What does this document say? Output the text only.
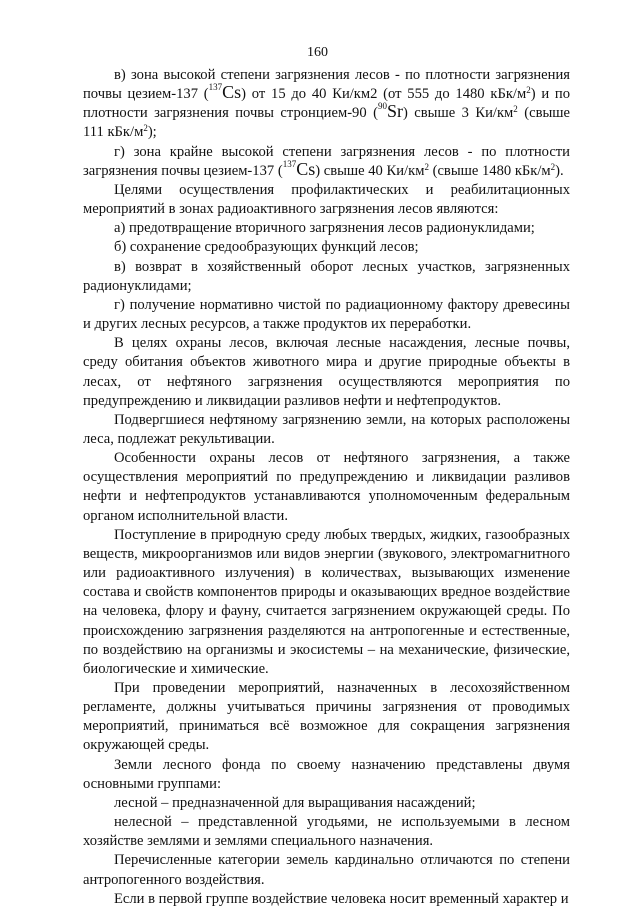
160

в) зона высокой степени загрязнения лесов - по плотности загрязнения почвы цезием-137 ($^{137}$Cs) от 15 до 40 Ки/км2 (от 555 до 1480 кБк/$м^2$) и по плотности загрязнения почвы стронцием-90 ($^{90}$Sr) свыше 3 $Ки/км^2$ (свыше 111 кБк/$м^2$);

г) зона крайне высокой степени загрязнения лесов - по плотности загрязнения почвы цезием-137 ($^{137}$Cs) свыше 40 $Ки/км^2$ (свыше 1480 кБк/$м^2$).

Целями осуществления профилактических и реабилитационных мероприятий в зонах радиоактивного загрязнения лесов являются:

а) предотвращение вторичного загрязнения лесов радионуклидами;

б) сохранение средообразующих функций лесов;

в) возврат в хозяйственный оборот лесных участков, загрязненных радионуклидами;

г) получение нормативно чистой по радиационному фактору древесины и других лесных ресурсов, а также продуктов их переработки.

В целях охраны лесов, включая лесные насаждения, лесные почвы, среду обитания объектов животного мира и другие природные объекты в лесах, от нефтяного загрязнения осуществляются мероприятия по предупреждению и ликвидации разливов нефти и нефтепродуктов.

Подвергшиеся нефтяному загрязнению земли, на которых расположены леса, подлежат рекультивации.

Особенности охраны лесов от нефтяного загрязнения, а также осуществления мероприятий по предупреждению и ликвидации разливов нефти и нефтепродуктов устанавливаются уполномоченным федеральным органом исполнительной власти.

Поступление в природную среду любых твердых, жидких, газообразных веществ, микроорганизмов или видов энергии (звукового, электромагнитного или радиоактивного излучения) в количествах, вызывающих изменение состава и свойств компонентов природы и оказывающих вредное воздействие на человека, флору и фауну, считается загрязнением окружающей среды. По происхождению загрязнения разделяются на антропогенные и естественные, по воздействию на организмы и экосистемы – на механические, физические, биологические и химические.

При проведении мероприятий, назначенных в лесохозяйственном регламенте, должны учитываться причины загрязнения от проводимых мероприятий, приниматься всё возможное для сокращения загрязнения окружающей среды.

Земли лесного фонда по своему назначению представлены двумя основными группами:

лесной – предназначенной для выращивания насаждений;

нелесной – представленной угодьями, не используемыми в лесном хозяйстве землями и землями специального назначения.

Перечисленные категории земель кардинально отличаются по степени антропогенного воздействия.

Если в первой группе воздействие человека носит временный характер и
